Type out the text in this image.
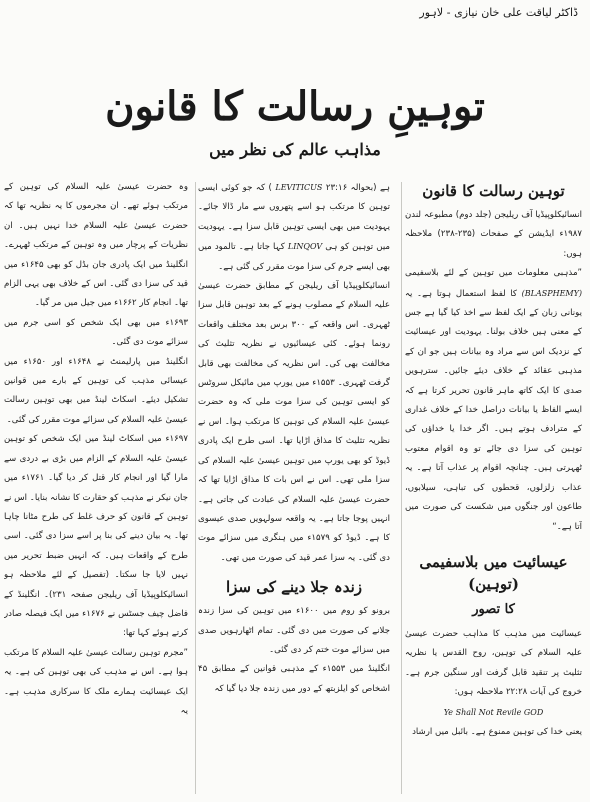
ڈاکٹر لیاقت علی خان نیازی - لاہور
توہینِ رسالت کا قانون
مذاہب عالم کی نظر میں
توہین رسالت کا قانون

انسائیکلوپیڈیا آف ریلیجن (جلد دوم) مطبوعہ لندن ۱۹۸۷ء ایڈیشن کے صفحات (۲۳۵-۲۳۸) ملاحظہ ہوں:

”مذہبی معلومات میں توہین کے لئے بلاسفیمی (BLASPHEMY) کا لفظ استعمال ہوتا ہے۔ یہ یونانی زبان کے ایک لفظ سے اخذ کیا گیا ہے جس کے معنی ہیں خلاف بولنا۔ یہودیت اور عیسائیت کے نزدیک اس سے مراد وہ بیانات ہیں جو ان کے مذہبی عقائد کے خلاف دیئے جائیں۔ سترہویں صدی کا ایک کاتھ ماہر قانون تحریر کرتا ہے کہ ایسے الفاظ یا بیانات دراصل خدا کے خلاف غداری کے مترادف ہوتے ہیں۔ اگر خدا یا خداؤں کی توہین کی سزا دی جائے تو وہ اقوام معتوب ٹھہرتی ہیں۔ چنانچہ اقوام پر عذاب آتا ہے۔ یہ عذاب زلزلوں، قحطوں کی تباہی، سیلابوں، طاعون اور جنگوں میں شکست کی صورت میں آتا ہے۔“

عیسائیت میں بلاسفیمی (توہین)
کا تصور

عیسائیت میں مذہب کا مذاہب حضرت عیسیٰ علیہ السلام کی توہین، روح القدس یا نظریہ تثلیث پر تنقید قابل گرفت اور سنگین جرم ہے۔ خروج کی آیات ۲۲:۲۸ ملاحظہ ہوں:

Ye Shall Not Revile GOD

یعنی خدا کی توہین ممنوع ہے۔ بائبل میں ارشاد

ہے (بحوالہ ۲۳:۱۶ LEVITICUS ) کہ جو کوئی ایسی توہین کا مرتکب ہو اسے پتھروں سے مار ڈالا جائے۔ یہودیت میں بھی ایسی توہین قابل سزا ہے۔ یہودیت میں توہین کو ہی LINQOV کہا جاتا ہے۔ تالمود میں بھی ایسے جرم کی سزا موت مقرر کی گئی ہے۔

انسائیکلوپیڈیا آف ریلیجن کے مطابق حضرت عیسیٰ علیہ السلام کے مصلوب ہونے کے بعد توہین قابل سزا ٹھہری۔ اس واقعہ کے ۳۰۰ برس بعد مختلف واقعات رونما ہوئے۔ کئی عیسائیوں نے نظریہ تثلیث کی مخالفت بھی کی۔ اس نظریہ کی مخالفت بھی قابل گرفت ٹھہری۔ ۱۵۵۳ء میں یورپ میں مائیکل سروٹس کو ایسی توہین کی سزا موت ملی کہ وہ حضرت عیسیٰ علیہ السلام کی توہین کا مرتکب ہوا۔ اس نے نظریہ تثلیث کا مذاق اڑایا تھا۔ اسی طرح ایک پادری ڈیوڈ کو بھی یورپ میں توہین عیسیٰ علیہ السلام کی سزا ملی تھی۔ اس نے اس بات کا مذاق اڑایا تھا کہ حضرت عیسیٰ علیہ السلام کی عبادت کی جاتی ہے۔ انہیں پوجا جاتا ہے۔ یہ واقعہ سولہویں صدی عیسوی کا ہے۔ ڈیوڈ کو ۱۵۷۹ء میں ہنگری میں سزائے موت دی گئی۔ یہ سزا عمر قید کی صورت میں تھی۔

زندہ جلا دینے کی سزا

برونو کو روم میں ۱۶۰۰ء میں توہین کی سزا زندہ جلانے کی صورت میں دی گئی۔ تمام اٹھارہویں صدی میں سزائے موت ختم کر دی گئی۔

انگلینڈ میں ۱۵۵۳ء کے مذہبی قوانین کے مطابق ۴۵ اشخاص کو ایلزبتھ کے دور میں زندہ جلا دیا گیا کہ

وہ حضرت عیسیٰ علیہ السلام کی توہین کے مرتکب ہوئے تھے۔ ان مجرموں کا یہ نظریہ تھا کہ حضرت عیسیٰ علیہ السلام خدا نہیں ہیں۔ ان نظریات کے پرچار میں وہ توہین کے مرتکب ٹھہرے۔ انگلینڈ میں ایک پادری جان بڈل کو بھی ۱۶۴۵ء میں قید کی سزا دی گئی۔ اس کے خلاف بھی یہی الزام تھا۔ انجام کار ۱۶۶۲ء میں جیل میں مر گیا۔

۱۶۹۳ء میں بھی ایک شخص کو اسی جرم میں سزائے موت دی گئی۔

انگلینڈ میں پارلیمنٹ نے ۱۶۴۸ء اور ۱۶۵۰ء میں عیسائی مذہب کی توہین کے بارے میں قوانین تشکیل دیئے۔ اسکاٹ لینڈ میں بھی توہین رسالت عیسیٰ علیہ السلام کی سزائے موت مقرر کی گئی۔

۱۶۹۷ء میں اسکاٹ لینڈ میں ایک شخص کو توہین عیسیٰ علیہ السلام کے الزام میں بڑی بے دردی سے مارا گیا اور انجام کار قتل کر دیا گیا۔ ۱۷۶۱ء میں جان نیکر نے مذہب کو حقارت کا نشانہ بنایا۔ اس نے توہین کے قانون کو حرف غلط کی طرح مٹانا چاہا تھا۔ یہ بیان دینے کی بنا پر اسے سزا دی گئی۔ اسی طرح کے واقعات ہیں۔ کہ انہیں ضبط تحریر میں نہیں لایا جا سکتا۔ (تفصیل کے لئے ملاحظہ ہو انسائیکلوپیڈیا آف ریلیجن صفحہ ۲۳۱)۔ انگلینڈ کے فاضل چیف جسٹس نے ۱۶۷۶ء میں ایک فیصلہ صادر کرتے ہوئے کہا تھا:

”مجرم توہین رسالت عیسیٰ علیہ السلام کا مرتکب ہوا ہے۔ اس نے مذہب کی بھی توہین کی ہے۔ یہ ایک عیسائیت ہمارے ملک کا سرکاری مذہب ہے۔ یہ
